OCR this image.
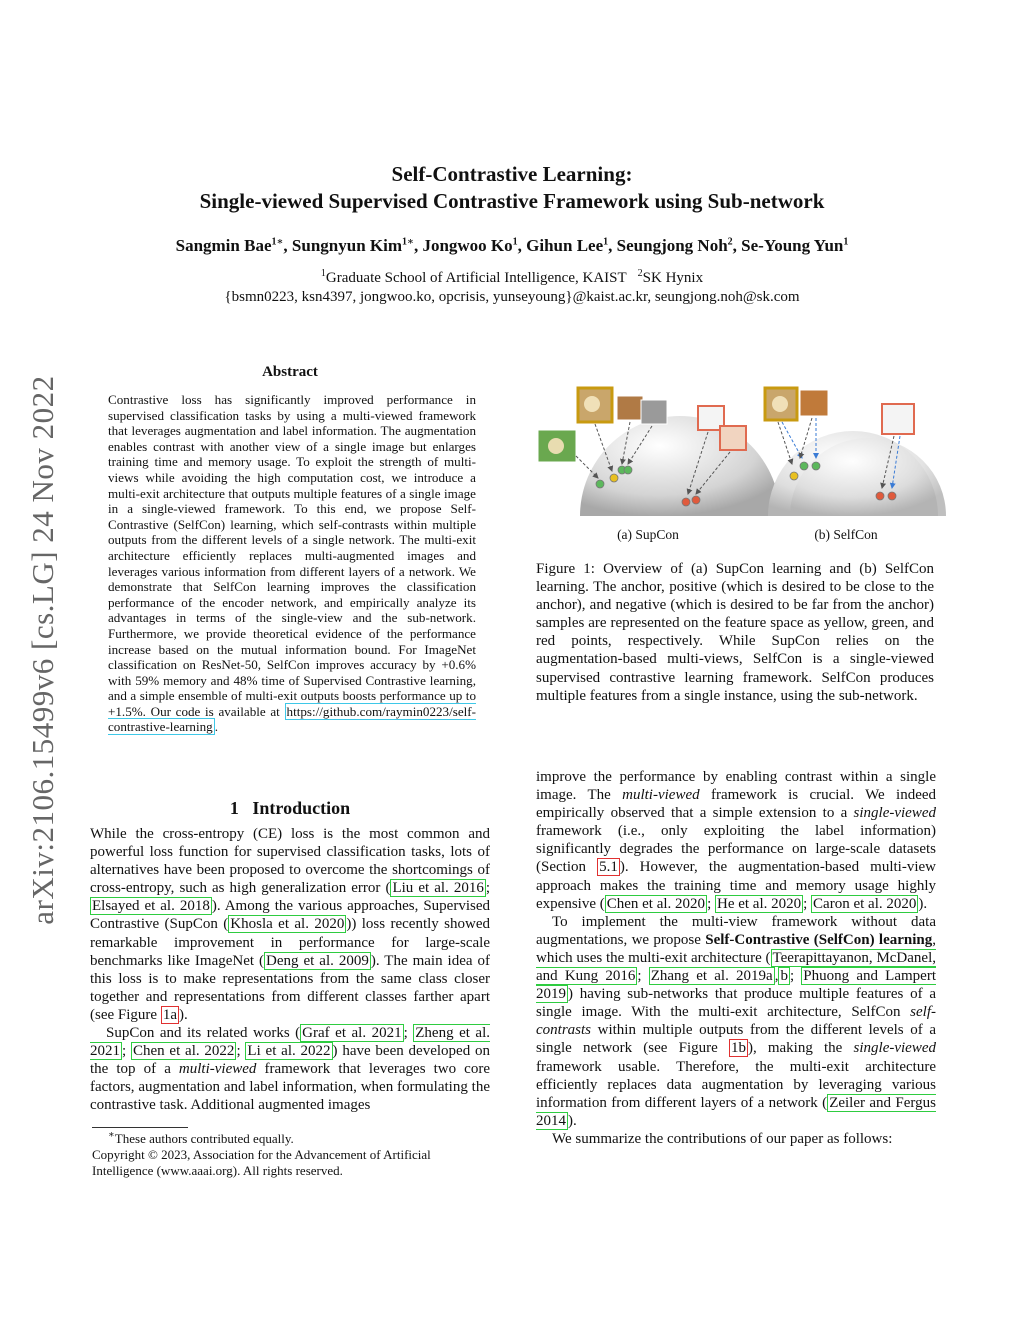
arXiv:2106.15499v6 [cs.LG] 24 Nov 2022
Self-Contrastive Learning:
Single-viewed Supervised Contrastive Framework using Sub-network
Sangmin Bae$^{1∗}$, Sungnyun Kim$^{1∗}$, Jongwoo Ko$^1$, Gihun Lee$^1$, Seungjong Noh$^2$, Se-Young Yun$^1$
$^1$Graduate School of Artificial Intelligence, KAIST $^2$SK Hynix
{bsmn0223, ksn4397, jongwoo.ko, opcrisis, yunseyoung}@kaist.ac.kr, seungjong.noh@sk.com
Abstract
Contrastive loss has significantly improved performance in supervised classification tasks by using a multi-viewed framework that leverages augmentation and label information. The augmentation enables contrast with another view of a single image but enlarges training time and memory usage. To exploit the strength of multi-views while avoiding the high computation cost, we introduce a multi-exit architecture that outputs multiple features of a single image in a single-viewed framework. To this end, we propose Self-Contrastive (SelfCon) learning, which self-contrasts within multiple outputs from the different levels of a single network. The multi-exit architecture efficiently replaces multi-augmented images and leverages various information from different layers of a network. We demonstrate that SelfCon learning improves the classification performance of the encoder network, and empirically analyze its advantages in terms of the single-view and the sub-network. Furthermore, we provide theoretical evidence of the performance increase based on the mutual information bound. For ImageNet classification on ResNet-50, SelfCon improves accuracy by +0.6% with 59% memory and 48% time of Supervised Contrastive learning, and a simple ensemble of multi-exit outputs boosts performance up to +1.5%. Our code is available at https://github.com/raymin0223/self-contrastive-learning .
1 Introduction

While the cross-entropy (CE) loss is the most common and powerful loss function for supervised classification tasks, lots of alternatives have been proposed to overcome the shortcomings of cross-entropy, such as high generalization error ( Liu et al. 2016 ; Elsayed et al. 2018 ). Among the various approaches, Supervised Contrastive (SupCon ( Khosla et al. 2020 )) loss recently showed remarkable improvement in performance for large-scale benchmarks like ImageNet ( Deng et al. 2009 ). The main idea of this loss is to make representations from the same class closer together and representations from different classes farther apart (see Figure 1a ).

SupCon and its related works ( Graf et al. 2021 ; Zheng et al. 2021 ; Chen et al. 2022 ; Li et al. 2022 ) have been developed on the top of a multi-viewed framework that leverages two core factors, augmentation and label information, when formulating the contrastive task. Additional augmented images

∗These authors contributed equally.
Copyright © 2023, Association for the Advancement of Artificial Intelligence (www.aaai.org). All rights reserved.
(a) SupCon	(b) SelfCon
Figure 1: Overview of (a) SupCon learning and (b) SelfCon learning. The anchor, positive (which is desired to be close to the anchor), and negative (which is desired to be far from the anchor) samples are represented on the feature space as yellow, green, and red points, respectively. While SupCon relies on the augmentation-based multi-views, SelfCon is a single-viewed supervised contrastive learning framework. SelfCon produces multiple features from a single instance, using the sub-network.

improve the performance by enabling contrast within a single image. The multi-viewed framework is crucial. We indeed empirically observed that a simple extension to a single-viewed framework (i.e., only exploiting the label information) significantly degrades the performance on large-scale datasets (Section 5.1 ). However, the augmentation-based multi-view approach makes the training time and memory usage highly expensive ( Chen et al. 2020 ; He et al. 2020 ; Caron et al. 2020 ).

To implement the multi-view framework without data augmentations, we propose Self-Contrastive (SelfCon) learning, which uses the multi-exit architecture ( Teerapittayanon, McDanel, and Kung 2016 ; Zhang et al. 2019a , b ; Phuong and Lampert 2019 ) having sub-networks that produce multiple features of a single image. With the multi-exit architecture, SelfCon self-contrasts within multiple outputs from the different levels of a single network (see Figure 1b ), making the single-viewed framework usable. Therefore, the multi-exit architecture efficiently replaces data augmentation by leveraging various information from different layers of a network ( Zeiler and Fergus 2014 ).

We summarize the contributions of our paper as follows:
